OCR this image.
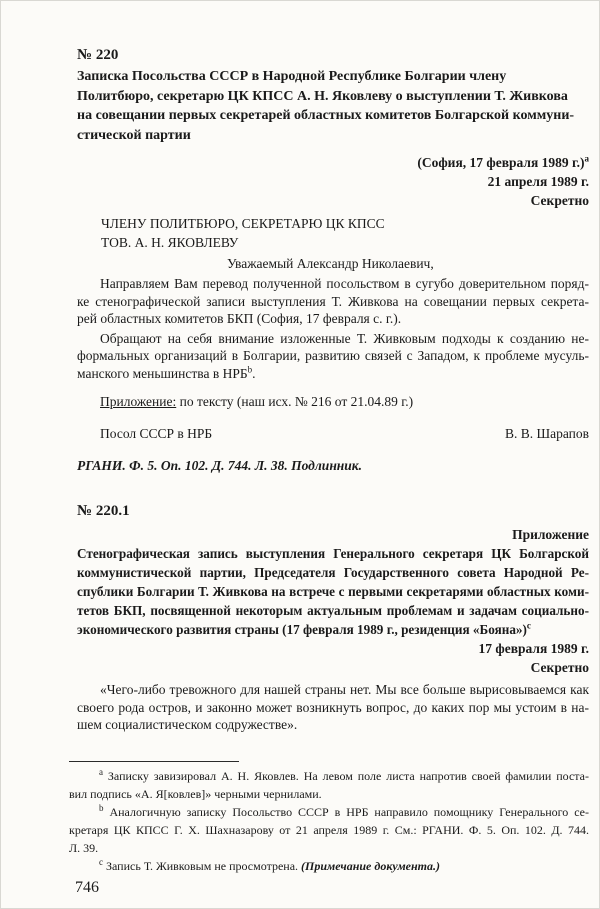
№ 220
Записка Посольства СССР в Народной Республике Болгарии члену
Политбюро, секретарю ЦК КПСС А. Н. Яковлеву о выступлении Т. Живкова
на совещании первых секретарей областных комитетов Болгарской коммуни-
стической партии
(София, 17 февраля 1989 г.)$^a$
21 апреля 1989 г.
Секретно
ЧЛЕНУ ПОЛИТБЮРО, СЕКРЕТАРЮ ЦК КПСС
ТОВ. А. Н. ЯКОВЛЕВУ
Уважаемый Александр Николаевич,
Направляем Вам перевод полученной посольством в сугубо доверительном поряд-
ке стенографической записи выступления Т. Живкова на совещании первых секрета-
рей областных комитетов БКП (София, 17 февраля с. г.).
Обращают на себя внимание изложенные Т. Живковым подходы к созданию не-
формальных организаций в Болгарии, развитию связей с Западом, к проблеме мусуль-
манского меньшинства в НРБ$^b$.
Приложение: по тексту (наш исх. № 216 от 21.04.89 г.)
Посол СССР в НРБ	В. В. Шарапов
РГАНИ. Ф. 5. Оп. 102. Д. 744. Л. 38. Подлинник.
№ 220.1
Приложение
Стенографическая запись выступления Генерального секретаря ЦК Болгарской
коммунистической партии, Председателя Государственного совета Народной Ре-
спублики Болгарии Т. Живкова на встрече с первыми секретарями областных коми-
тетов БКП, посвященной некоторым актуальным проблемам и задачам социально-
экономического развития страны (17 февраля 1989 г., резиденция «Бояна»)$^c$
17 февраля 1989 г.
Секретно
«Чего-либо тревожного для нашей страны нет. Мы все больше вырисовываемся как
своего рода остров, и законно может возникнуть вопрос, до каких пор мы устоим в на-
шем социалистическом содружестве».
$^a$ Записку завизировал А. Н. Яковлев. На левом поле листа напротив своей фамилии поста-
вил подпись «А. Я[ковлев]» черными чернилами.
$^b$ Аналогичную записку Посольство СССР в НРБ направило помощнику Генерального се-
кретаря ЦК КПСС Г. Х. Шахназарову от 21 апреля 1989 г. См.: РГАНИ. Ф. 5. Оп. 102. Д. 744.
Л. 39.
$^c$ Запись Т. Живковым не просмотрена. (Примечание документа.)
746
